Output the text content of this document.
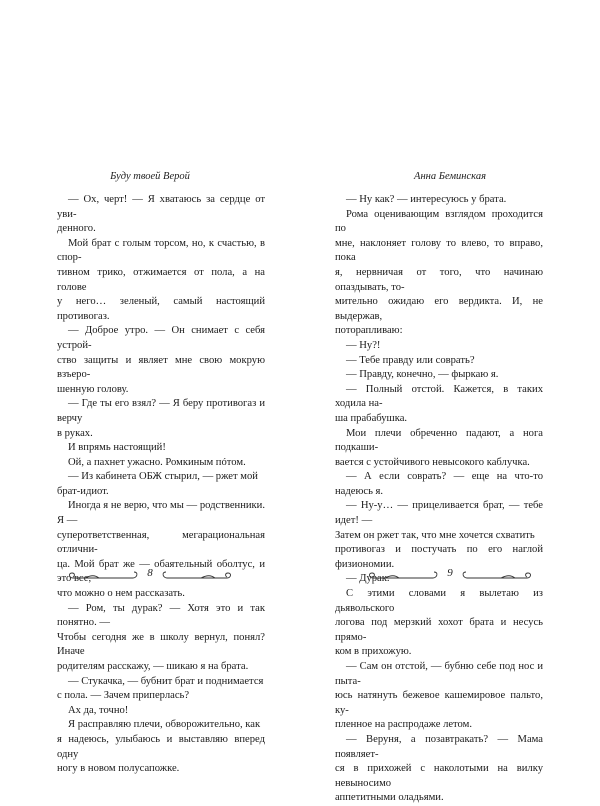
Буду твоей Верой

— Ох, черт! — Я хватаюсь за сердце от уви-
денного.

Мой брат с голым торсом, но, к счастью, в спор-
тивном трико, отжимается от пола, а на голове
у него… зеленый, самый настоящий противогаз.

— Доброе утро. — Он снимает с себя устрой-
ство защиты и являет мне свою мокрую взъеро-
шенную голову.

— Где ты его взял? — Я беру противогаз и верчу
в руках.

И впрямь настоящий!

Ой, а пахнет ужасно. Ромкиным пóтом.

— Из кабинета ОБЖ стырил, — ржет мой
брат-идиот.

Иногда я не верю, что мы — родственники. Я —
суперответственная, мегарациональная отлични-
ца. Мой брат же — обаятельный оболтус, и это все,
что можно о нем рассказать.

— Ром, ты дурак? — Хотя это и так понятно. —
Чтобы сегодня же в школу вернул, понял? Иначе
родителям расскажу, — шикаю я на брата.

— Стукачка, — бубнит брат и поднимается
с пола. — Зачем приперлась?

Ах да, точно!

Я расправляю плечи, обворожительно, как
я надеюсь, улыбаюсь и выставляю вперед одну
ногу в новом полусапожке.

8
Анна Беминская

— Ну как? — интересуюсь у брата.

Рома оценивающим взглядом проходится по
мне, наклоняет голову то влево, то вправо, пока
я, нервничая от того, что начинаю опаздывать, то-
мительно ожидаю его вердикта. И, не выдержав,
поторапливаю:

— Ну?!

— Тебе правду или соврать?

— Правду, конечно, — фыркаю я.

— Полный отстой. Кажется, в таких ходила на-
ша прабабушка.

Мои плечи обреченно падают, а нога подкаши-
вается с устойчивого невысокого каблучка.

— А если соврать? — еще на что-то надеюсь я.

— Ну-у… — прицеливается брат, — тебе идет! —
Затем он ржет так, что мне хочется схватить
противогаз и постучать по его наглой физиономии.

— Дурак.

С этими словами я вылетаю из дьявольского
логова под мерзкий хохот брата и несусь прямо-
ком в прихожую.

— Сам он отстой, — бубню себе под нос и пыта-
юсь натянуть бежевое кашемировое пальто, ку-
пленное на распродаже летом.

— Веруня, а позавтракать? — Мама появляет-
ся в прихожей с наколотыми на вилку невыносимо
аппетитными оладьями.

9
